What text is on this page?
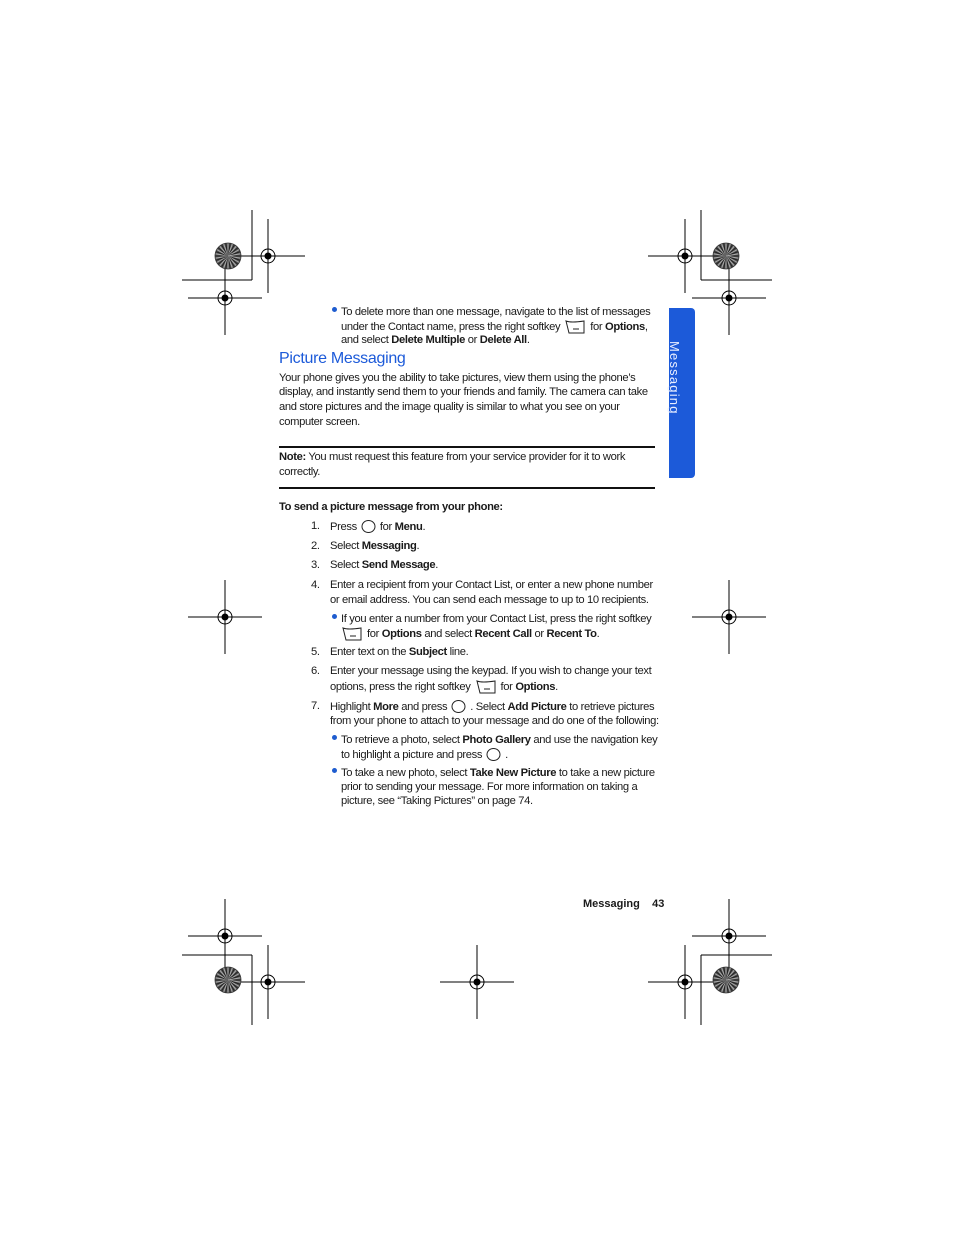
Messaging
To delete more than one message, navigate to the list of messages
under the Contact name, press the right softkey	for Options,
and select Delete Multiple or Delete All.
Picture Messaging
Your phone gives you the ability to take pictures, view them using the phone’s
display, and instantly send them to your friends and family. The camera can take
and store pictures and the image quality is similar to what you see on your
computer screen.
Note: You must request this feature from your service provider for it to work
correctly.
To send a picture message from your phone:
1. Press for Menu.
2. Select Messaging.
3. Select Send Message.
4. Enter a recipient from your Contact List, or enter a new phone number
or email address. You can send each message to up to 10 recipients.
If you enter a number from your Contact List, press the right softkey
for Options and select Recent Call or Recent To.
5. Enter text on the Subject line.
6. Enter your message using the keypad. If you wish to change your text
options, press the right softkey	for Options.
7. Highlight More and press . Select Add Picture to retrieve pictures
from your phone to attach to your message and do one of the following:
To retrieve a photo, select Photo Gallery and use the navigation key
to highlight a picture and press .
To take a new photo, select Take New Picture to take a new picture
prior to sending your message. For more information on taking a
picture, see “Taking Pictures” on page 74.
Messaging 43
